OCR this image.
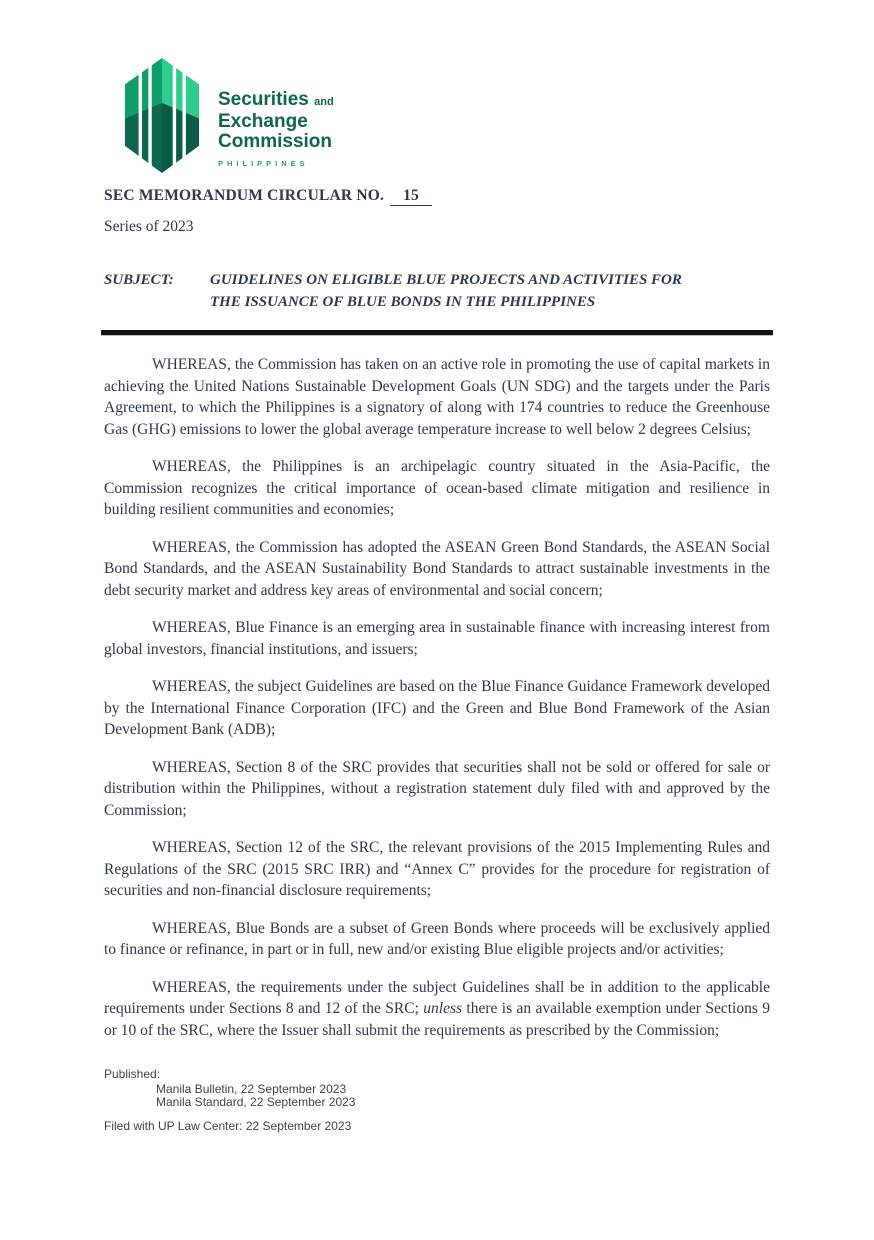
Securities and
Exchange
Commission
PHILIPPINES
SEC MEMORANDUM CIRCULAR NO. 15
Series of 2023
SUBJECT:	GUIDELINES ON ELIGIBLE BLUE PROJECTS AND ACTIVITIES FOR THE ISSUANCE OF BLUE BONDS IN THE PHILIPPINES

WHEREAS, the Commission has taken on an active role in promoting the use of capital markets in achieving the United Nations Sustainable Development Goals (UN SDG) and the targets under the Paris Agreement, to which the Philippines is a signatory of along with 174 countries to reduce the Greenhouse Gas (GHG) emissions to lower the global average temperature increase to well below 2 degrees Celsius;

WHEREAS, the Philippines is an archipelagic country situated in the Asia-Pacific, the Commission recognizes the critical importance of ocean-based climate mitigation and resilience in building resilient communities and economies;

WHEREAS, the Commission has adopted the ASEAN Green Bond Standards, the ASEAN Social Bond Standards, and the ASEAN Sustainability Bond Standards to attract sustainable investments in the debt security market and address key areas of environmental and social concern;

WHEREAS, Blue Finance is an emerging area in sustainable finance with increasing interest from global investors, financial institutions, and issuers;

WHEREAS, the subject Guidelines are based on the Blue Finance Guidance Framework developed by the International Finance Corporation (IFC) and the Green and Blue Bond Framework of the Asian Development Bank (ADB);

WHEREAS, Section 8 of the SRC provides that securities shall not be sold or offered for sale or distribution within the Philippines, without a registration statement duly filed with and approved by the Commission;

WHEREAS, Section 12 of the SRC, the relevant provisions of the 2015 Implementing Rules and Regulations of the SRC (2015 SRC IRR) and “Annex C” provides for the procedure for registration of securities and non-financial disclosure requirements;

WHEREAS, Blue Bonds are a subset of Green Bonds where proceeds will be exclusively applied to finance or refinance, in part or in full, new and/or existing Blue eligible projects and/or activities;

WHEREAS, the requirements under the subject Guidelines shall be in addition to the applicable requirements under Sections 8 and 12 of the SRC; unless there is an available exemption under Sections 9 or 10 of the SRC, where the Issuer shall submit the requirements as prescribed by the Commission;

Published:
Manila Bulletin, 22 September 2023
Manila Standard, 22 September 2023
Filed with UP Law Center: 22 September 2023
